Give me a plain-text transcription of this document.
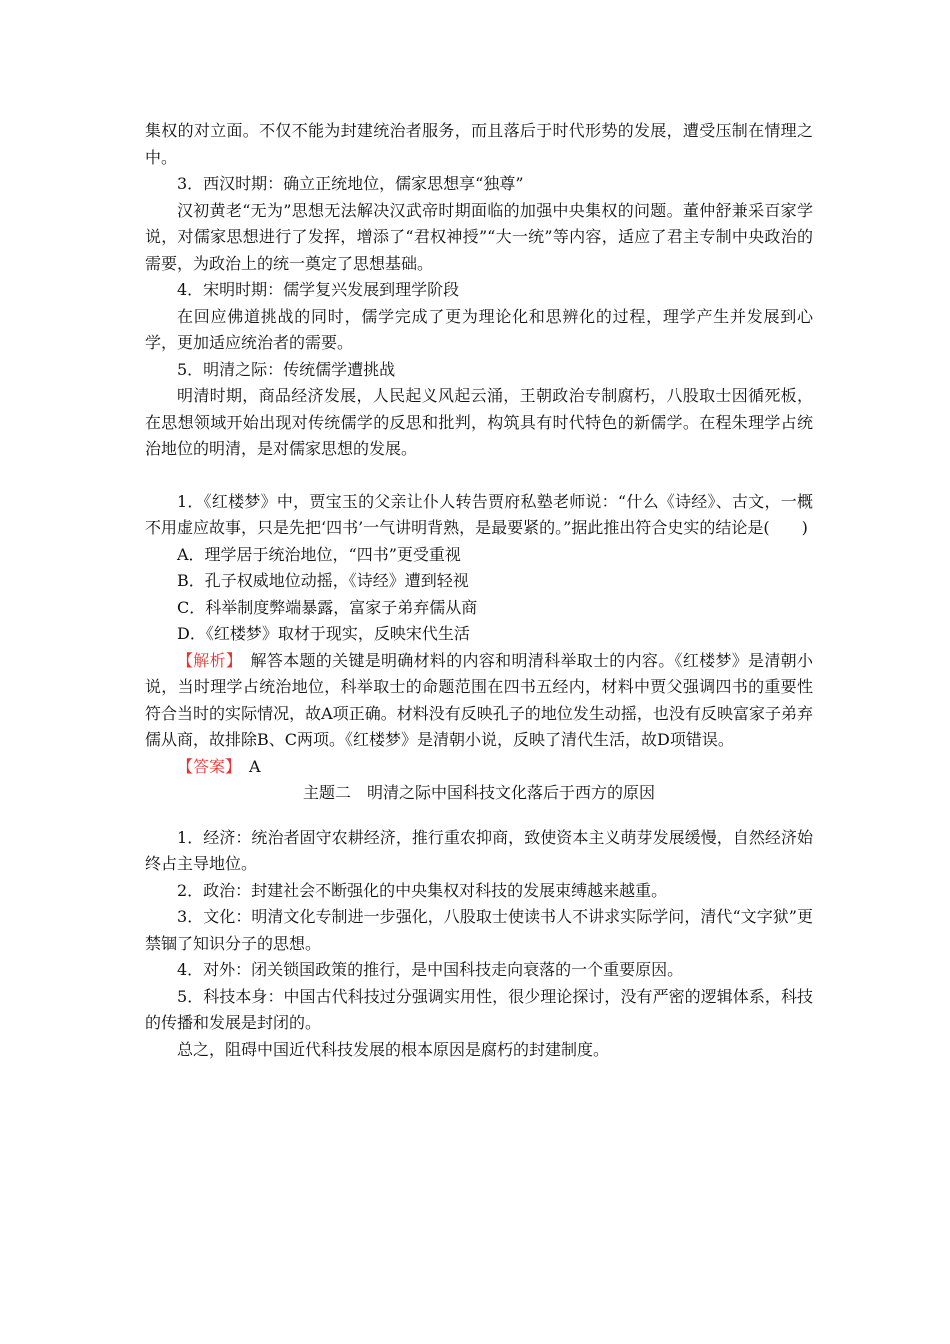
集权的对立面。不仅不能为封建统治者服务，而且落后于时代形势的发展，遭受压制在情理之中。

3．西汉时期：确立正统地位，儒家思想享“独尊”

汉初黄老“无为”思想无法解决汉武帝时期面临的加强中央集权的问题。董仲舒兼采百家学说，对儒家思想进行了发挥，增添了“君权神授”“大一统”等内容，适应了君主专制中央政治的需要，为政治上的统一奠定了思想基础。

4．宋明时期：儒学复兴发展到理学阶段

在回应佛道挑战的同时，儒学完成了更为理论化和思辨化的过程，理学产生并发展到心学，更加适应统治者的需要。

5．明清之际：传统儒学遭挑战

明清时期，商品经济发展，人民起义风起云涌，王朝政治专制腐朽，八股取士因循死板，在思想领域开始出现对传统儒学的反思和批判，构筑具有时代特色的新儒学。在程朱理学占统治地位的明清，是对儒家思想的发展。

1．《红楼梦》中，贾宝玉的父亲让仆人转告贾府私塾老师说：“什么《诗经》、古文，一概不用虚应故事，只是先把‘四书’一气讲明背熟，是最要紧的。”据此推出符合史实的结论是(　　)

A．理学居于统治地位，“四书”更受重视

B．孔子权威地位动摇，《诗经》遭到轻视

C．科举制度弊端暴露，富家子弟弃儒从商

D．《红楼梦》取材于现实，反映宋代生活

【解析】　解答本题的关键是明确材料的内容和明清科举取士的内容。《红楼梦》是清朝小说，当时理学占统治地位，科举取士的命题范围在四书五经内，材料中贾父强调四书的重要性符合当时的实际情况，故A项正确。材料没有反映孔子的地位发生动摇，也没有反映富家子弟弃儒从商，故排除B、C两项。《红楼梦》是清朝小说，反映了清代生活，故D项错误。

【答案】　A

主题二　明清之际中国科技文化落后于西方的原因

1．经济：统治者固守农耕经济，推行重农抑商，致使资本主义萌芽发展缓慢，自然经济始终占主导地位。

2．政治：封建社会不断强化的中央集权对科技的发展束缚越来越重。

3．文化：明清文化专制进一步强化，八股取士使读书人不讲求实际学问，清代“文字狱”更禁锢了知识分子的思想。

4．对外：闭关锁国政策的推行，是中国科技走向衰落的一个重要原因。

5．科技本身：中国古代科技过分强调实用性，很少理论探讨，没有严密的逻辑体系，科技的传播和发展是封闭的。

总之，阻碍中国近代科技发展的根本原因是腐朽的封建制度。
